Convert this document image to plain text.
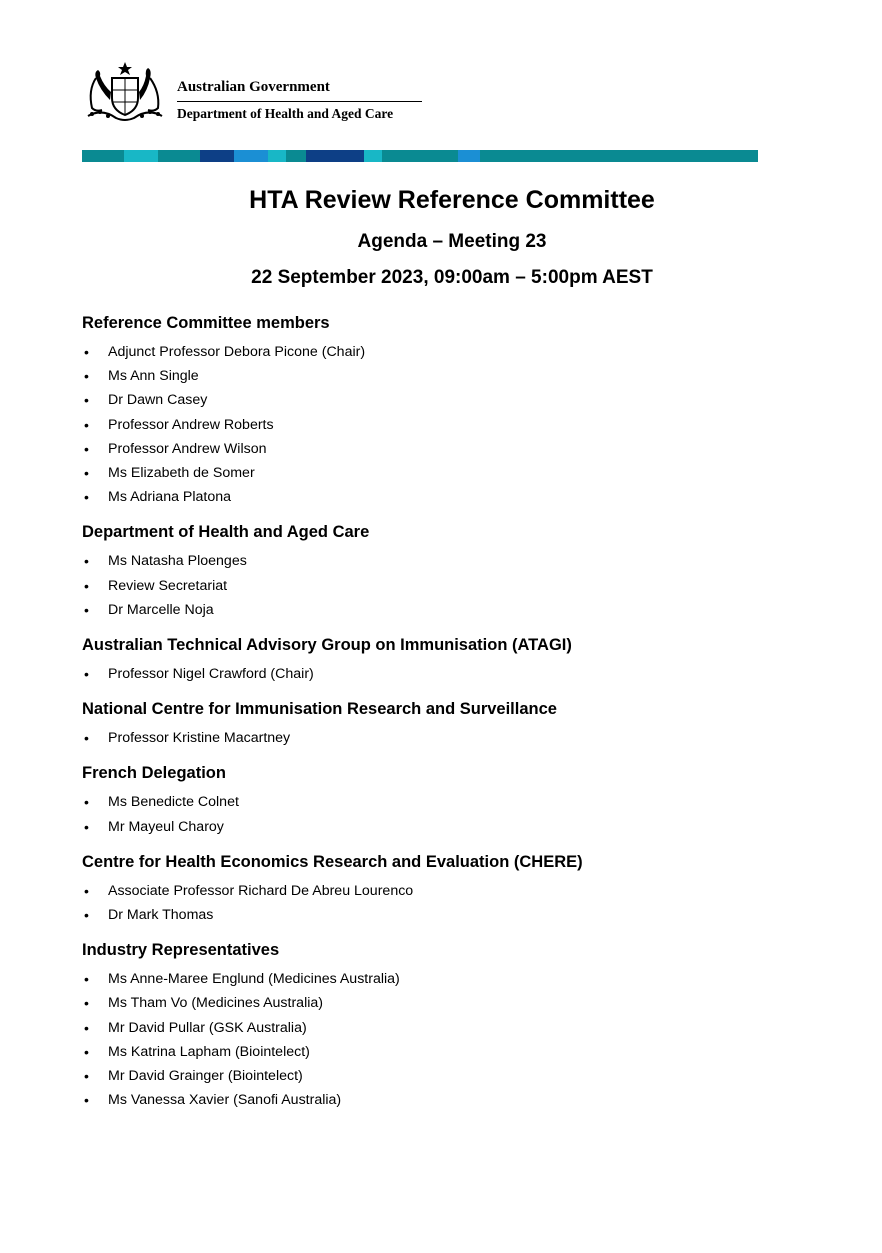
Australian Government
Department of Health and Aged Care
HTA Review Reference Committee
Agenda – Meeting 23
22 September 2023, 09:00am – 5:00pm AEST
Reference Committee members
• Adjunct Professor Debora Picone (Chair)
• Ms Ann Single
• Dr Dawn Casey
• Professor Andrew Roberts
• Professor Andrew Wilson
• Ms Elizabeth de Somer
• Ms Adriana Platona
Department of Health and Aged Care
• Ms Natasha Ploenges
• Review Secretariat
• Dr Marcelle Noja
Australian Technical Advisory Group on Immunisation (ATAGI)
• Professor Nigel Crawford (Chair)
National Centre for Immunisation Research and Surveillance
• Professor Kristine Macartney
French Delegation
• Ms Benedicte Colnet
• Mr Mayeul Charoy
Centre for Health Economics Research and Evaluation (CHERE)
• Associate Professor Richard De Abreu Lourenco
• Dr Mark Thomas
Industry Representatives
• Ms Anne-Maree Englund (Medicines Australia)
• Ms Tham Vo (Medicines Australia)
• Mr David Pullar (GSK Australia)
• Ms Katrina Lapham (Biointelect)
• Mr David Grainger (Biointelect)
• Ms Vanessa Xavier (Sanofi Australia)
